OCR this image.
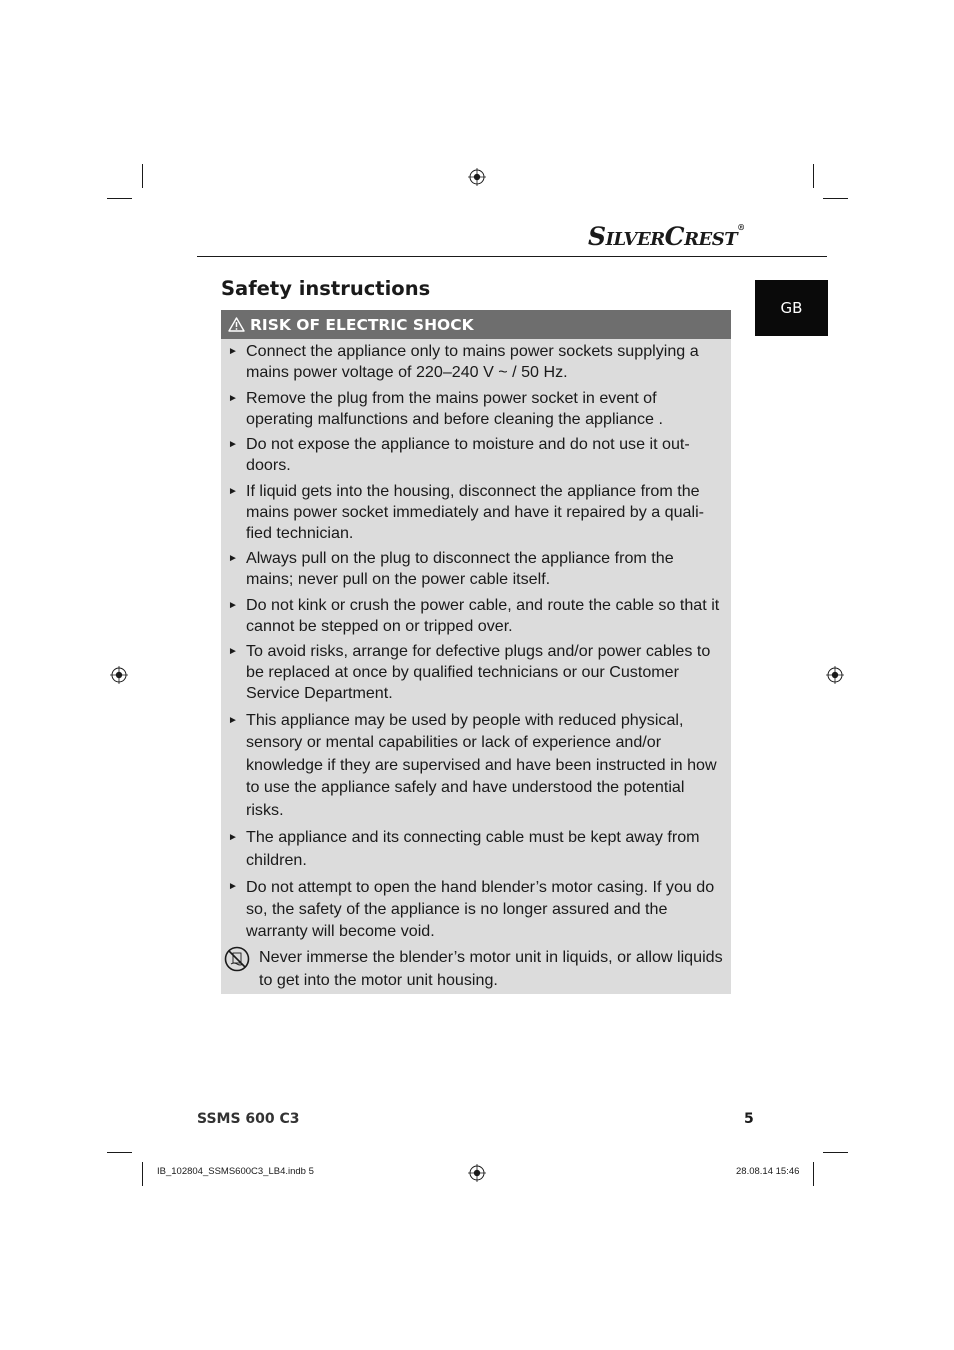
SILVERCREST®
GB
Safety instructions
RISK OF ELECTRIC SHOCK
► Connect the appliance only to mains power sockets supplying a mains power voltage of 220–240 V ~ / 50 Hz.
► Remove the plug from the mains power socket in event of operating malfunctions and before cleaning the appliance .
► Do not expose the appliance to moisture and do not use it out-doors.
► If liquid gets into the housing, disconnect the appliance from the mains power socket immediately and have it repaired by a quali-fied technician.
► Always pull on the plug to disconnect the appliance from the mains; never pull on the power cable itself.
► Do not kink or crush the power cable, and route the cable so that it cannot be stepped on or tripped over.
► To avoid risks, arrange for defective plugs and/or power cables to be replaced at once by qualified technicians or our Customer Service Department.
► This appliance may be used by people with reduced physical, sensory or mental capabilities or lack of experience and/or knowledge if they are supervised and have been instructed in how to use the appliance safely and have understood the potential risks.
► The appliance and its connecting cable must be kept away from children.
► Do not attempt to open the hand blender’s motor casing. If you do so, the safety of the appliance is no longer assured and the warranty will become void.
Never immerse the blender’s motor unit in liquids, or allow liquids to get into the motor unit housing.
SSMS 600 C3	5
IB_102804_SSMS600C3_LB4.indb 5	28.08.14 15:46
